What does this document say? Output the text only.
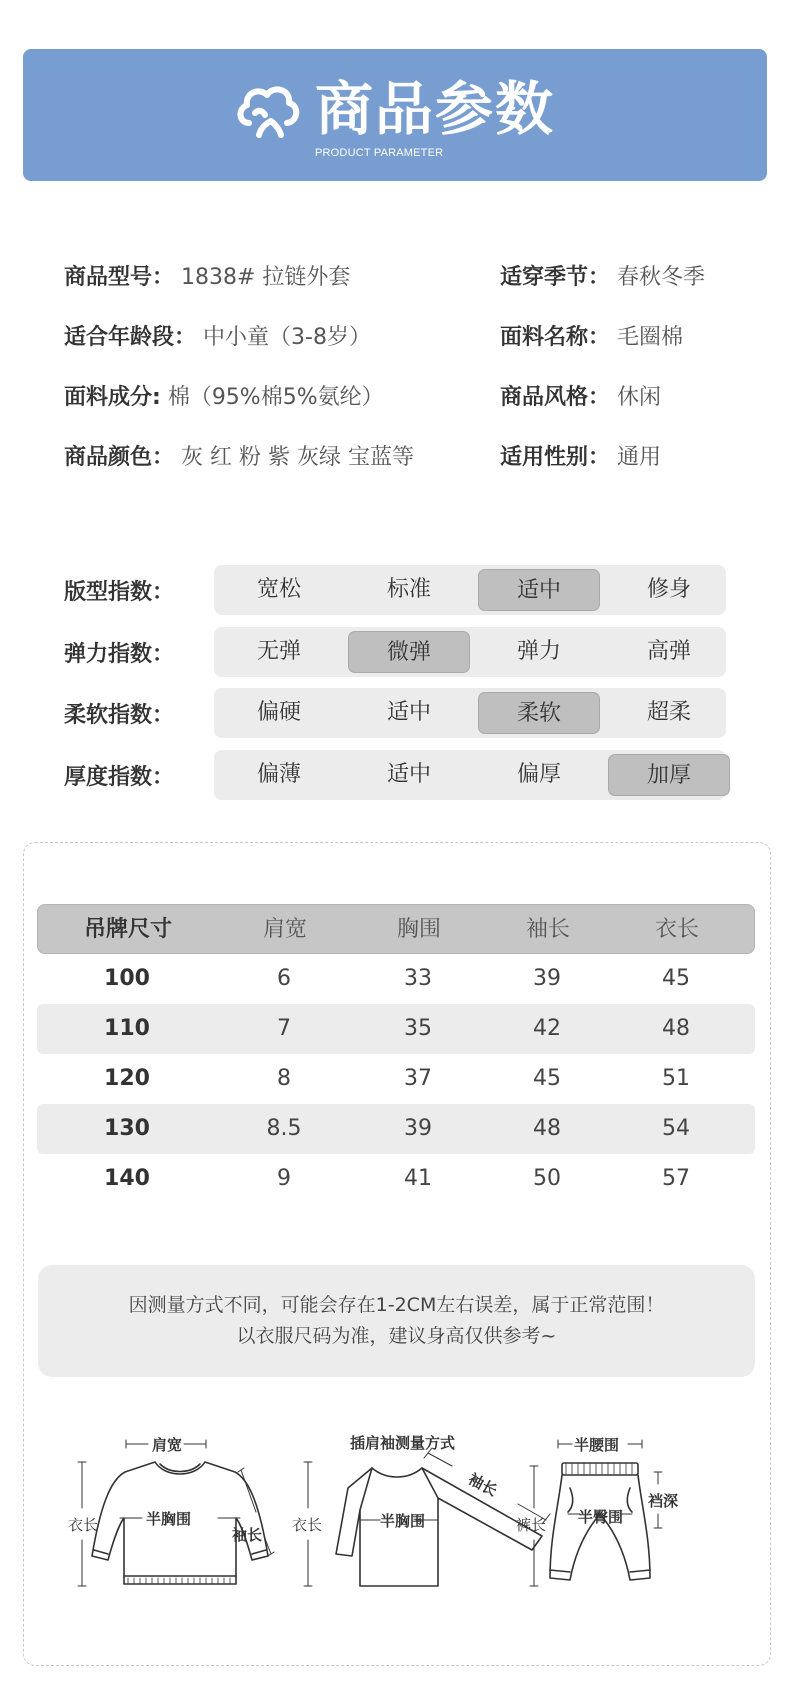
商品参数
PRODUCT PARAMETER
商品型号： 1838# 拉链外套	适穿季节： 春秋冬季
适合年龄段： 中小童（3-8岁）	面料名称： 毛圈棉
面料成分: 棉（95%棉5%氨纶）	商品风格： 休闲
商品颜色： 灰 红 粉 紫 灰绿 宝蓝等	适用性别： 通用
版型指数：	宽松	标准	适中	修身
弹力指数：	无弹	微弹	弹力	高弹
柔软指数：	偏硬	适中	柔软	超柔
厚度指数：	偏薄	适中	偏厚	加厚
吊牌尺寸	肩宽	胸围	袖长	衣长
100	6	33	39	45
110	7	35	42	48
120	8	37	45	51
130	8.5	39	48	54
140	9	41	50	57
因测量方式不同，可能会存在1-2CM左右误差，属于正常范围！
以衣服尺码为准，建议身高仅供参考~
肩宽
衣长	半胸围
袖长
插肩袖测量方式
衣长	半胸围
袖长
半腰围
裤长 半臀围
裆深
